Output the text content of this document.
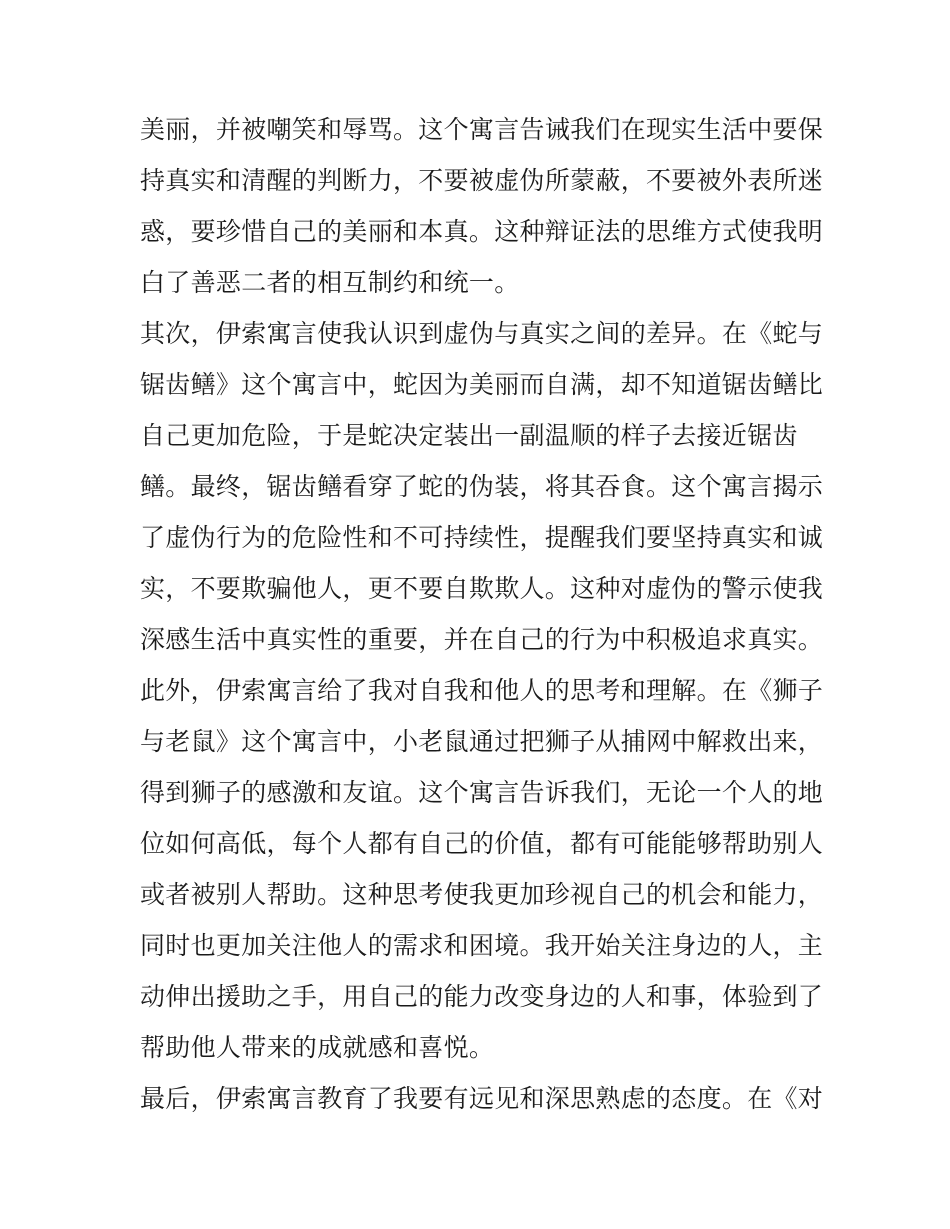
美丽，并被嘲笑和辱骂。这个寓言告诫我们在现实生活中要保
持真实和清醒的判断力，不要被虚伪所蒙蔽，不要被外表所迷
惑，要珍惜自己的美丽和本真。这种辩证法的思维方式使我明
白了善恶二者的相互制约和统一。
其次，伊索寓言使我认识到虚伪与真实之间的差异。在《蛇与
锯齿鳝》这个寓言中，蛇因为美丽而自满，却不知道锯齿鳝比
自己更加危险，于是蛇决定装出一副温顺的样子去接近锯齿
鳝。最终，锯齿鳝看穿了蛇的伪装，将其吞食。这个寓言揭示
了虚伪行为的危险性和不可持续性，提醒我们要坚持真实和诚
实，不要欺骗他人，更不要自欺欺人。这种对虚伪的警示使我
深感生活中真实性的重要，并在自己的行为中积极追求真实。
此外，伊索寓言给了我对自我和他人的思考和理解。在《狮子
与老鼠》这个寓言中，小老鼠通过把狮子从捕网中解救出来，
得到狮子的感激和友谊。这个寓言告诉我们，无论一个人的地
位如何高低，每个人都有自己的价值，都有可能能够帮助别人
或者被别人帮助。这种思考使我更加珍视自己的机会和能力，
同时也更加关注他人的需求和困境。我开始关注身边的人，主
动伸出援助之手，用自己的能力改变身边的人和事，体验到了
帮助他人带来的成就感和喜悦。
最后，伊索寓言教育了我要有远见和深思熟虑的态度。在《对
